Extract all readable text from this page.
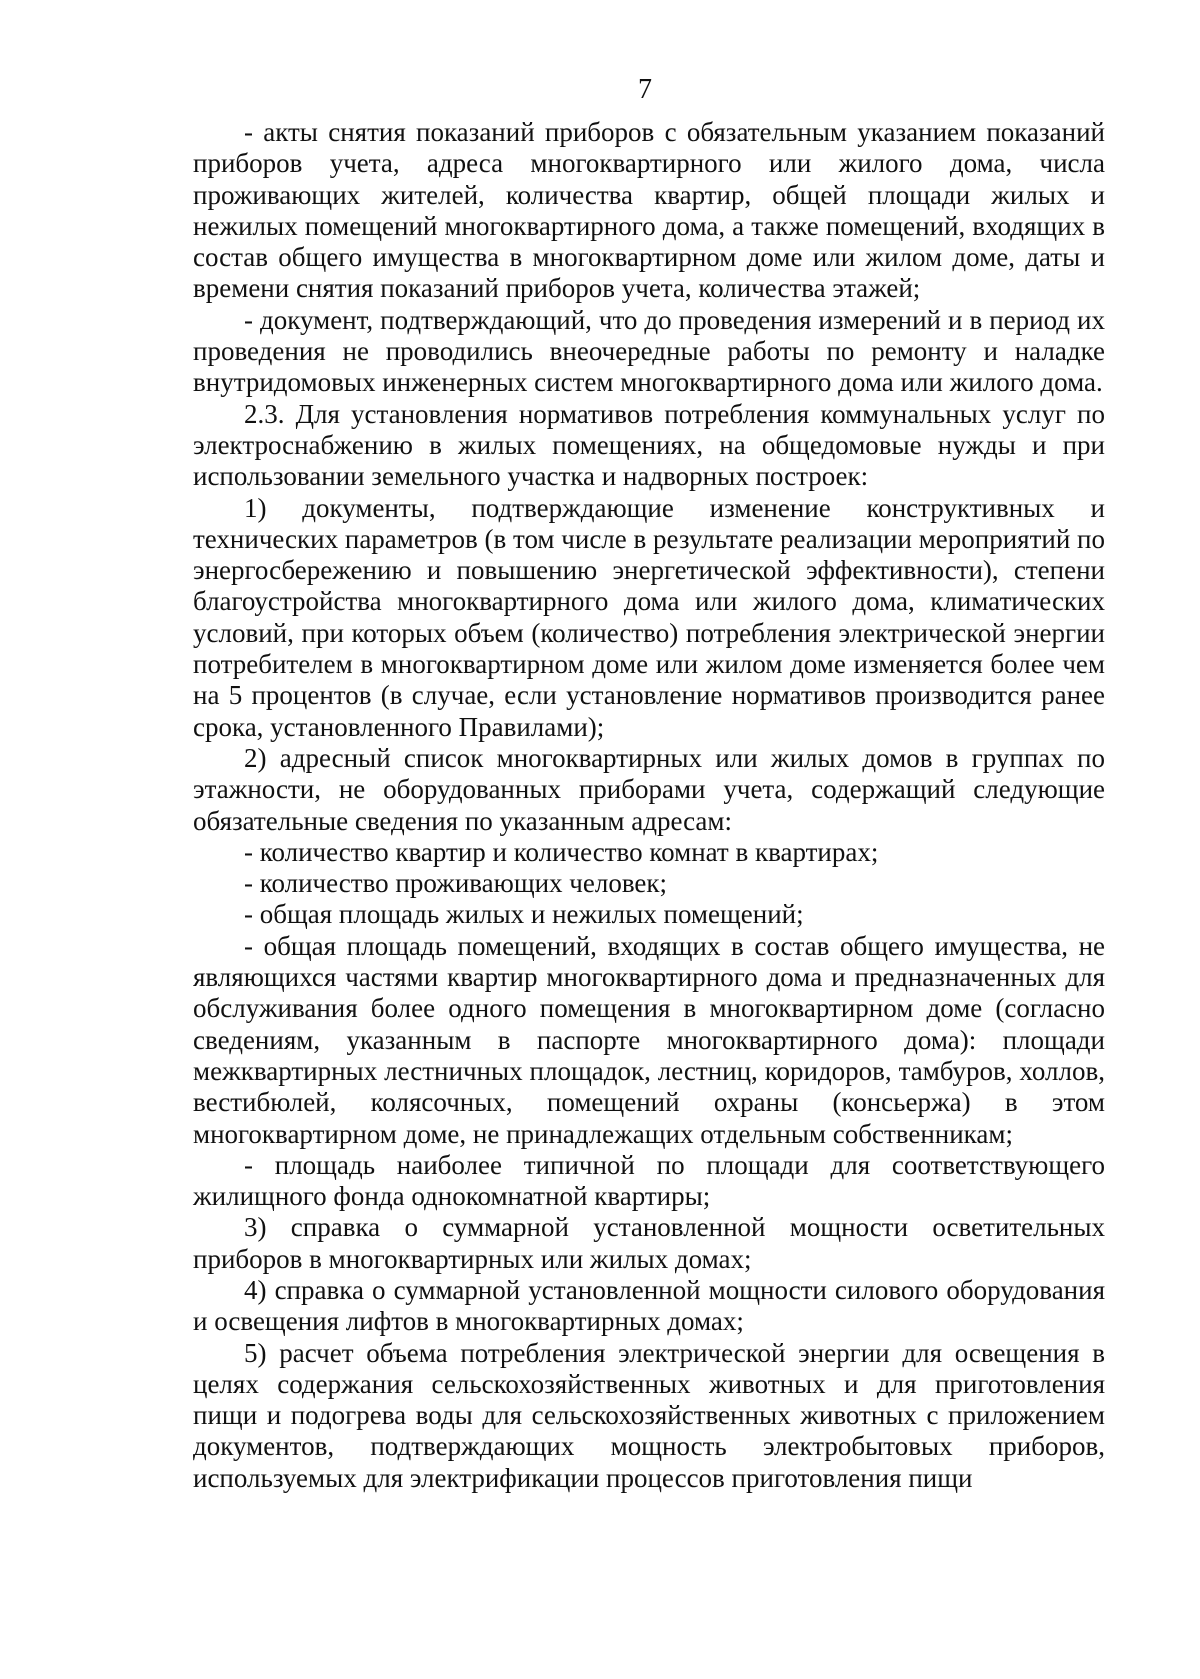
7

- акты снятия показаний приборов с обязательным указанием показаний приборов учета, адреса многоквартирного или жилого дома, числа проживающих жителей, количества квартир, общей площади жилых и нежилых помещений многоквартирного дома, а также помещений, входящих в состав общего имущества в многоквартирном доме или жилом доме, даты и времени снятия показаний приборов учета, количества этажей;

- документ, подтверждающий, что до проведения измерений и в период их проведения не проводились внеочередные работы по ремонту и наладке внутридомовых инженерных систем многоквартирного дома или жилого дома.

2.3. Для установления нормативов потребления коммунальных услуг по электроснабжению в жилых помещениях, на общедомовые нужды и при использовании земельного участка и надворных построек:

1) документы, подтверждающие изменение конструктивных и технических параметров (в том числе в результате реализации мероприятий по энергосбережению и повышению энергетической эффективности), степени благоустройства многоквартирного дома или жилого дома, климатических условий, при которых объем (количество) потребления электрической энергии потребителем в многоквартирном доме или жилом доме изменяется более чем на 5 процентов (в случае, если установление нормативов производится ранее срока, установленного Правилами);

2) адресный список многоквартирных или жилых домов в группах по этажности, не оборудованных приборами учета, содержащий следующие обязательные сведения по указанным адресам:

- количество квартир и количество комнат в квартирах;

- количество проживающих человек;

- общая площадь жилых и нежилых помещений;

- общая площадь помещений, входящих в состав общего имущества, не являющихся частями квартир многоквартирного дома и предназначенных для обслуживания более одного помещения в многоквартирном доме (согласно сведениям, указанным в паспорте многоквартирного дома): площади межквартирных лестничных площадок, лестниц, коридоров, тамбуров, холлов, вестибюлей, колясочных, помещений охраны (консьержа) в этом многоквартирном доме, не принадлежащих отдельным собственникам;

- площадь наиболее типичной по площади для соответствующего жилищного фонда однокомнатной квартиры;

3) справка о суммарной установленной мощности осветительных приборов в многоквартирных или жилых домах;

4) справка о суммарной установленной мощности силового оборудования и освещения лифтов в многоквартирных домах;

5) расчет объема потребления электрической энергии для освещения в целях содержания сельскохозяйственных животных и для приготовления пищи и подогрева воды для сельскохозяйственных животных с приложением документов, подтверждающих мощность электробытовых приборов, используемых для электрификации процессов приготовления пищи
